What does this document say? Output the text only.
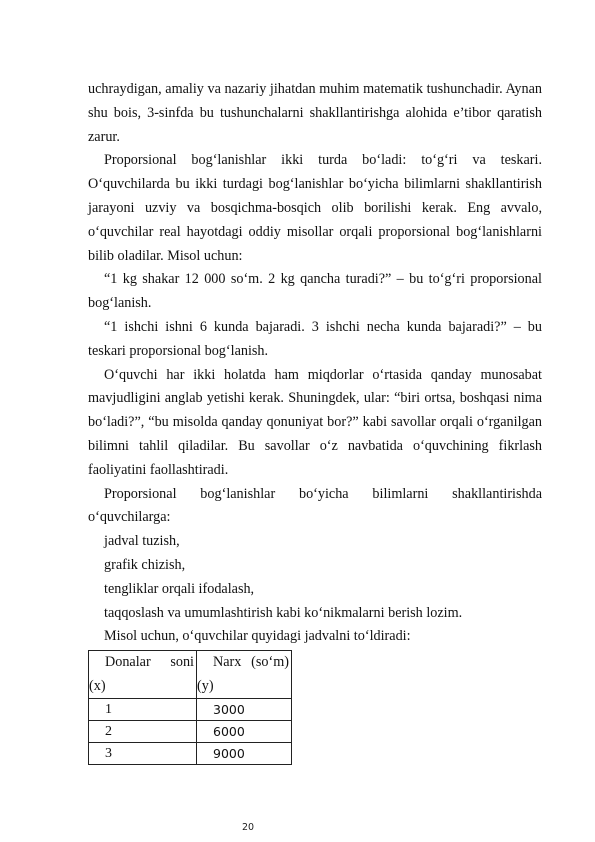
uchraydigan, amaliy va nazariy jihatdan muhim matematik tushunchadir. Aynan shu bois, 3-sinfda bu tushunchalarni shakllantirishga alohida e’tibor qaratish zarur.

Proporsional bog‘lanishlar ikki turda bo‘ladi: to‘g‘ri va teskari. O‘quvchilarda bu ikki turdagi bog‘lanishlar bo‘yicha bilimlarni shakllantirish jarayoni uzviy va bosqichma-bosqich olib borilishi kerak. Eng avvalo, o‘quvchilar real hayotdagi oddiy misollar orqali proporsional bog‘lanishlarni bilib oladilar. Misol uchun:

“1 kg shakar 12 000 so‘m. 2 kg qancha turadi?” – bu to‘g‘ri proporsional bog‘lanish.

“1 ishchi ishni 6 kunda bajaradi. 3 ishchi necha kunda bajaradi?” – bu teskari proporsional bog‘lanish.

O‘quvchi har ikki holatda ham miqdorlar o‘rtasida qanday munosabat mavjudligini anglab yetishi kerak. Shuningdek, ular: “biri ortsa, boshqasi nima bo‘ladi?”, “bu misolda qanday qonuniyat bor?” kabi savollar orqali o‘rganilgan bilimni tahlil qiladilar. Bu savollar o‘z navbatida o‘quvchining fikrlash faoliyatini faollashtiradi.

Proporsional bog‘lanishlar bo‘yicha bilimlarni shakllantirishda o‘quvchilarga:

jadval tuzish,

grafik chizish,

tengliklar orqali ifodalash,

taqqoslash va umumlashtirish kabi ko‘nikmalarni berish lozim.

Misol uchun, o‘quvchilar quyidagi jadvalni to‘ldiradi:

Donalar soni (x)	Narx (so‘m) (y)

1	3000
2	6000
3	9000
20
